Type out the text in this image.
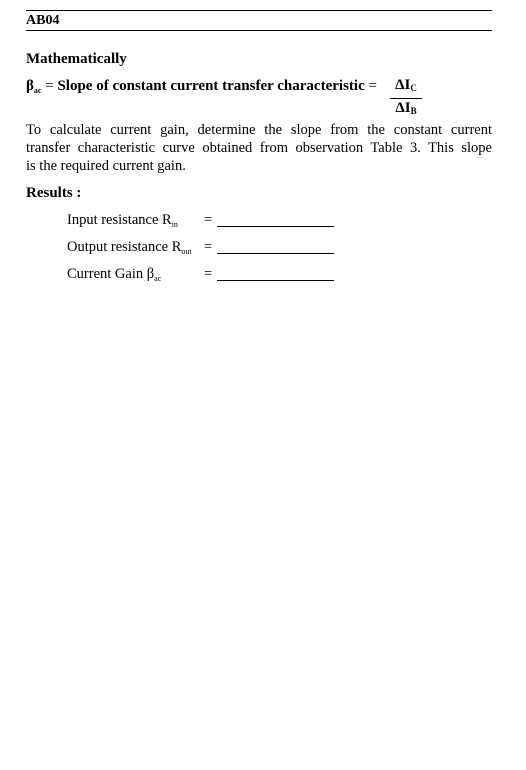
AB04
Mathematically
$\beta_{ac}$ = Slope of constant current transfer characteristic =	$\Delta I_C$
$\Delta I_B$
To calculate current gain, determine the slope from the constant current
transfer characteristic curve obtained from observation Table 3. This slope
is the required current gain.
Results :
Input resistance $R_{in}$ =
Output resistance $R_{out}$ =
Current Gain $\beta_{ac}$	=
